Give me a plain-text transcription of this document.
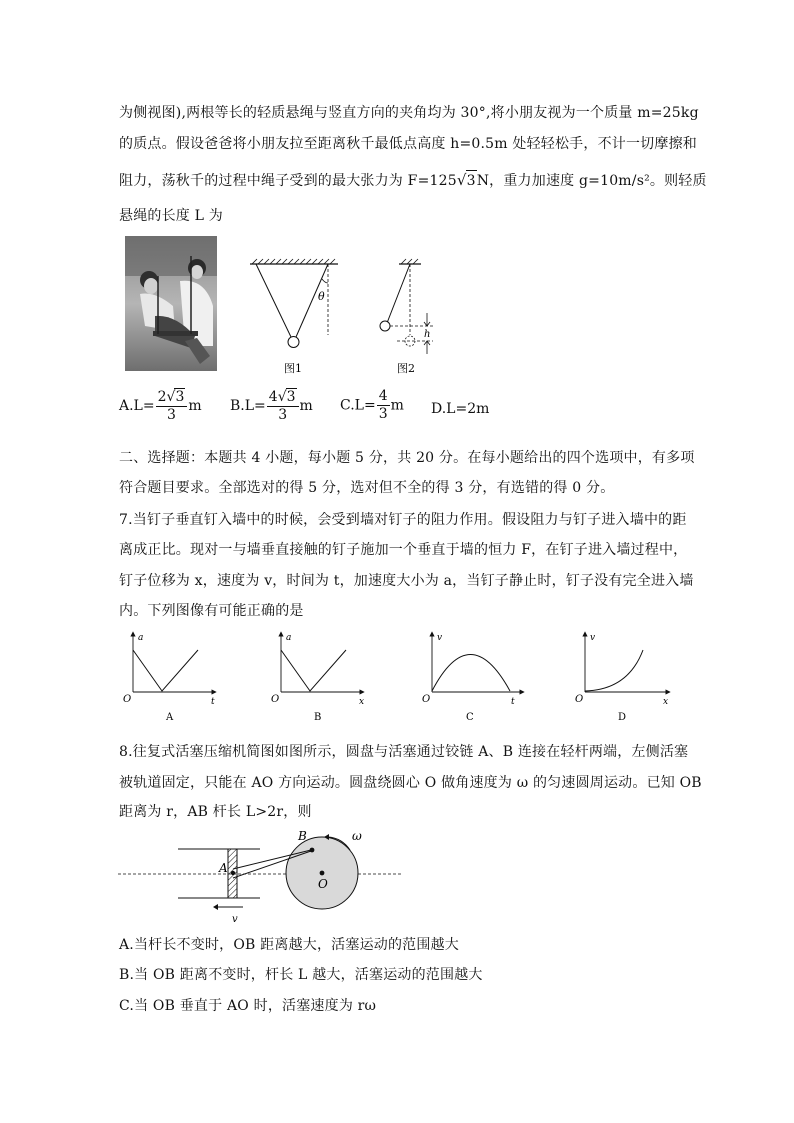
为侧视图),两根等长的轻质悬绳与竖直方向的夹角均为 30°,将小朋友视为一个质量 m=25kg
的质点。假设爸爸将小朋友拉至距离秋千最低点高度 h=0.5m 处轻轻松手，不计一切摩擦和
阻力，荡秋千的过程中绳子受到的最大张力为 F=125√3N，重力加速度 g=10m/s²。则轻质
悬绳的长度 L 为
θ
图1
h
图2
$A.L= \frac{2√3}{3}$ m $B.L= \frac{4√3}{3}$ m $C.L= \frac{4}{3}$ m D.L=2m
二、选择题：本题共 4 小题，每小题 5 分，共 20 分。在每小题给出的四个选项中，有多项
符合题目要求。全部选对的得 5 分，选对但不全的得 3 分，有选错的得 0 分。
7.当钉子垂直钉入墙中的时候，会受到墙对钉子的阻力作用。假设阻力与钉子进入墙中的距
离成正比。现对一与墙垂直接触的钉子施加一个垂直于墙的恒力 F，在钉子进入墙过程中，
钉子位移为 x，速度为 v，时间为 t，加速度大小为 a，当钉子静止时，钉子没有完全进入墙
内。下列图像有可能正确的是
a
t
O
A
a
x
O
B
v
t
O
C
v
x
O
D
8.往复式活塞压缩机简图如图所示，圆盘与活塞通过铰链 A、B 连接在轻杆两端，左侧活塞
被轨道固定，只能在 AO 方向运动。圆盘绕圆心 O 做角速度为 ω 的匀速圆周运动。已知 OB
距离为 r，AB 杆长 L>2r，则
A
B
O
ω
v
A.当杆长不变时，OB 距离越大，活塞运动的范围越大
B.当 OB 距离不变时，杆长 L 越大，活塞运动的范围越大
C.当 OB 垂直于 AO 时，活塞速度为 rω
